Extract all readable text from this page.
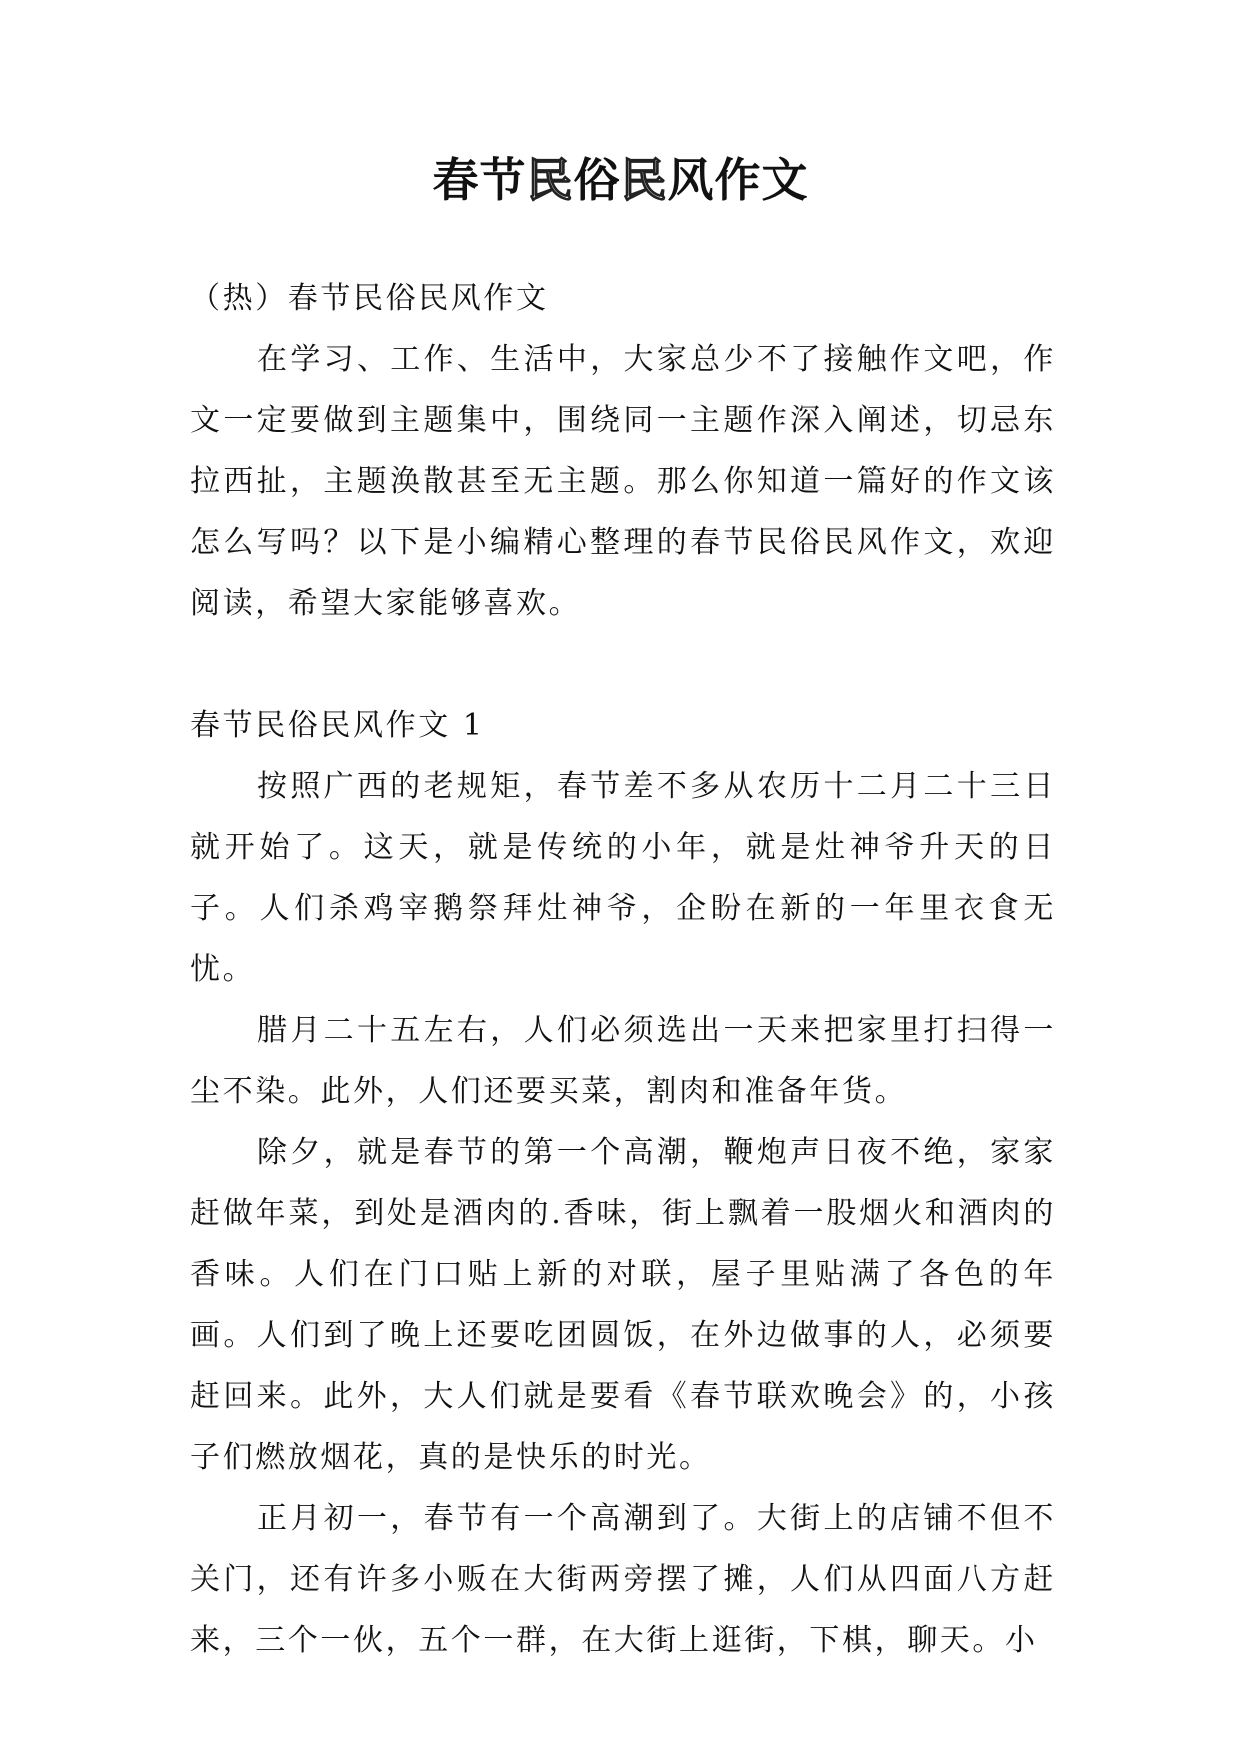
春节民俗民风作文

（热）春节民俗民风作文

在学习、工作、生活中，大家总少不了接触作文吧，作文一定要做到主题集中，围绕同一主题作深入阐述，切忌东拉西扯，主题涣散甚至无主题。那么你知道一篇好的作文该怎么写吗？以下是小编精心整理的春节民俗民风作文，欢迎阅读，希望大家能够喜欢。

春节民俗民风作文 1

按照广西的老规矩，春节差不多从农历十二月二十三日就开始了。这天，就是传统的小年，就是灶神爷升天的日子。人们杀鸡宰鹅祭拜灶神爷，企盼在新的一年里衣食无忧。

腊月二十五左右，人们必须选出一天来把家里打扫得一尘不染。此外，人们还要买菜，割肉和准备年货。

除夕，就是春节的第一个高潮，鞭炮声日夜不绝，家家赶做年菜，到处是酒肉的.香味，街上飘着一股烟火和酒肉的香味。人们在门口贴上新的对联，屋子里贴满了各色的年画。人们到了晚上还要吃团圆饭，在外边做事的人，必须要赶回来。此外，大人们就是要看《春节联欢晚会》的，小孩子们燃放烟花，真的是快乐的时光。

正月初一，春节有一个高潮到了。大街上的店铺不但不关门，还有许多小贩在大街两旁摆了摊，人们从四面八方赶来，三个一伙，五个一群，在大街上逛街，下棋，聊天。小
